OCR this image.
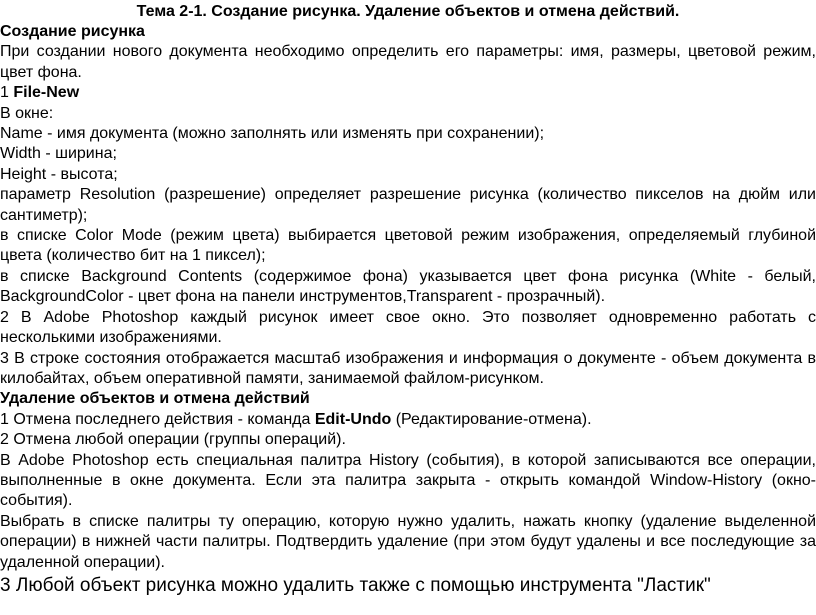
Тема 2-1. Создание рисунка. Удаление объектов и отмена действий.

Создание рисунка

При создании нового документа необходимо определить его параметры: имя, размеры, цветовой режим, цвет фона.

1 File-New

В окне:

Name - имя документа (можно заполнять или изменять при сохранении);

Width - ширина;

Height - высота;

параметр Resolution (разрешение) определяет разрешение рисунка (количество пикселов на дюйм или сантиметр);

в списке Color Mode (режим цвета) выбирается цветовой режим изображения, определяемый глубиной цвета (количество бит на 1 пиксел);

в списке Background Contents (содержимое фона) указывается цвет фона рисунка (White - белый, BackgroundColor - цвет фона на панели инструментов,Transparent - прозрачный).

2 В Adobe Photoshop каждый рисунок имеет свое окно. Это позволяет одновременно работать с несколькими изображениями.

3 В строке состояния отображается масштаб изображения и информация о документе - объем документа в килобайтах, объем оперативной памяти, занимаемой файлом-рисунком.

Удаление объектов и отмена действий

1 Отмена последнего действия - команда Edit-Undo (Редактирование-отмена).

2 Отмена любой операции (группы операций).

В Adobe Photoshop есть специальная палитра History (события), в которой записываются все операции, выполненные в окне документа. Если эта палитра закрыта - открыть командой Window-History (окно-события).

Выбрать в списке палитры ту операцию, которую нужно удалить, нажать кнопку (удаление выделенной операции) в нижней части палитры. Подтвердить удаление (при этом будут удалены и все последующие за удаленной операции).

3 Любой объект рисунка можно удалить также с помощью инструмента "Ластик"
